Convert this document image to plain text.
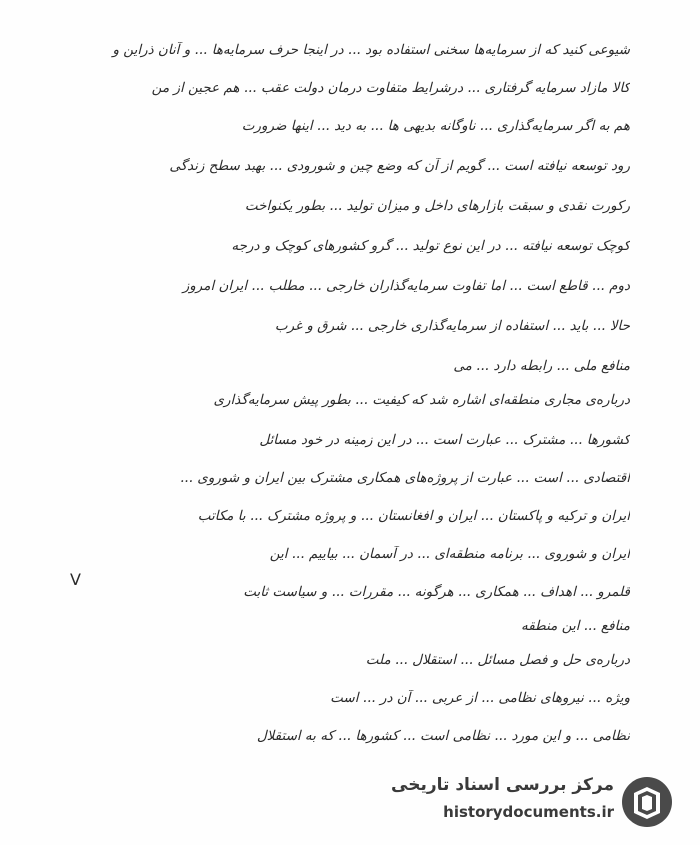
شیوعی کنید که از سرمایه‌ها سخنی استفاده بود ... در اینجا حرف سرمایه‌ها ... و آنان ذراین و
کالا مازاد سرمایه گرفتاری ... درشرایط متفاوت درمان دولت عقب ... هم عجین از من
هم به اگر سرمایه‌گذاری ... ناوگانه بدیهی ها ... به دید ... اینها ضرورت
رود توسعه نیافته است ... گویم از آن که وضع چین و شورودی ... بهبد سطح زندگی
رکورت نقدی و سبقت بازارهای داخل و میزان تولید ... بطور یکنواخت
کوچک توسعه نیافته ... در این نوع تولید ... گرو کشورهای کوچک و درجه
دوم ... قاطع است ... اما تفاوت سرمایه‌گذاران خارجی ... مطلب ... ایران امروز
حالا ... باید ... استفاده از سرمایه‌گذاری خارجی ... شرق و غرب
منافع ملی ... رابطه دارد ... می
درباره‌ی مجاری منطقه‌ای اشاره شد که کیفیت ... بطور پیش سرمایه‌گذاری
کشورها ... مشترک ... عبارت است ... در این زمینه در خود مسائل
اقتصادی ... است ... عبارت از پروژه‌های همکاری مشترک بین ایران و شوروی ...
ایران و ترکیه و پاکستان ... ایران و افغانستان ... و پروژه مشترک ... با مکاتب
ایران و شوروی ... برنامه منطقه‌ای ... در آسمان ... بیاییم ... این
قلمرو ... اهداف ... همکاری ... هرگونه ... مقررات ... و سیاست ثابت
منافع ... این منطقه
درباره‌ی حل و فصل مسائل ... استقلال ... ملت
ویژه ... نیروهای نظامی ... از عربی ... آن در ... است
نظامی ... و این مورد ... نظامی است ... کشورها ... که به استقلال
V
مرکز بررسی اسناد تاریخی
historydocuments.ir
